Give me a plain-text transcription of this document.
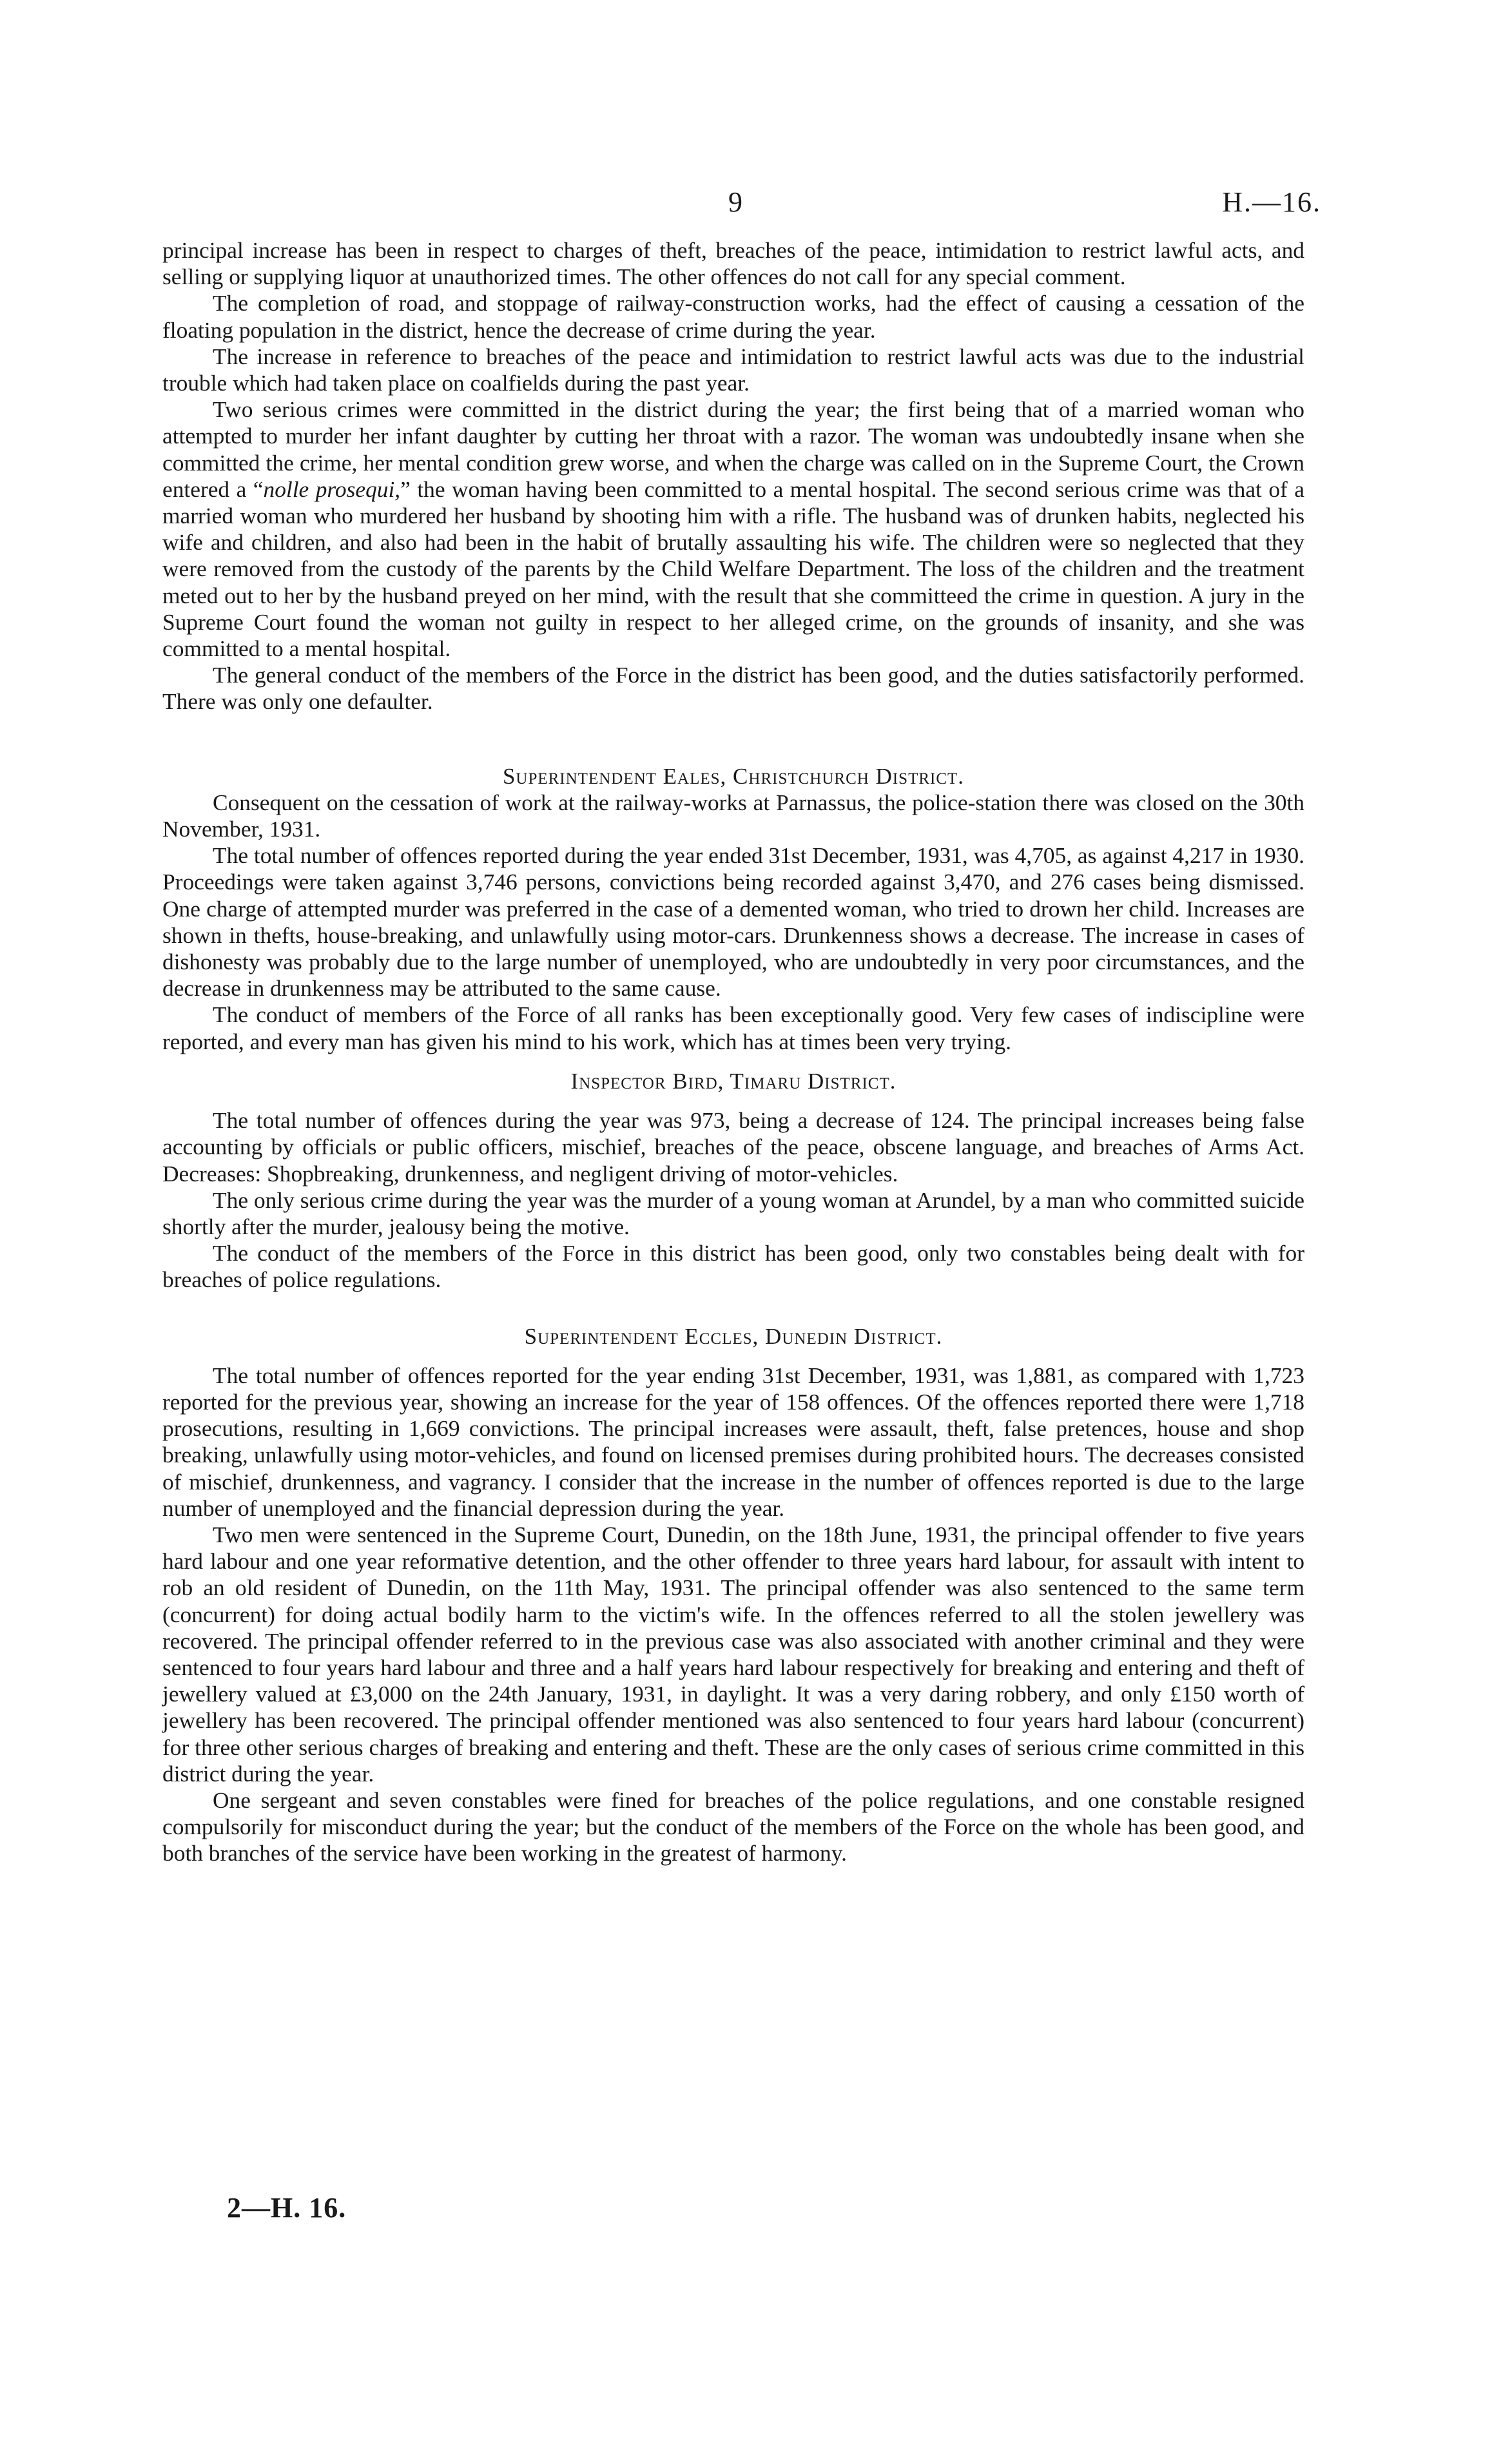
9	H.—16.

principal increase has been in respect to charges of theft, breaches of the peace, intimidation to restrict lawful acts, and selling or supplying liquor at unauthorized times. The other offences do not call for any special comment.

The completion of road, and stoppage of railway-construction works, had the effect of causing a cessation of the floating population in the district, hence the decrease of crime during the year.

The increase in reference to breaches of the peace and intimidation to restrict lawful acts was due to the industrial trouble which had taken place on coalfields during the past year.

Two serious crimes were committed in the district during the year; the first being that of a married woman who attempted to murder her infant daughter by cutting her throat with a razor. The woman was undoubtedly insane when she committed the crime, her mental condition grew worse, and when the charge was called on in the Supreme Court, the Crown entered a “nolle prosequi,” the woman having been committed to a mental hospital. The second serious crime was that of a married woman who murdered her husband by shooting him with a rifle. The husband was of drunken habits, neglected his wife and children, and also had been in the habit of brutally assaulting his wife. The children were so neglected that they were removed from the custody of the parents by the Child Welfare Department. The loss of the children and the treatment meted out to her by the husband preyed on her mind, with the result that she committeed the crime in question. A jury in the Supreme Court found the woman not guilty in respect to her alleged crime, on the grounds of insanity, and she was committed to a mental hospital.

The general conduct of the members of the Force in the district has been good, and the duties satisfactorily performed. There was only one defaulter.

Superintendent Eales, Christchurch District.

Consequent on the cessation of work at the railway-works at Parnassus, the police-station there was closed on the 30th November, 1931.

The total number of offences reported during the year ended 31st December, 1931, was 4,705, as against 4,217 in 1930. Proceedings were taken against 3,746 persons, convictions being recorded against 3,470, and 276 cases being dismissed. One charge of attempted murder was preferred in the case of a demented woman, who tried to drown her child. Increases are shown in thefts, house-breaking, and unlawfully using motor-cars. Drunkenness shows a decrease. The increase in cases of dishonesty was probably due to the large number of unemployed, who are undoubtedly in very poor circumstances, and the decrease in drunkenness may be attributed to the same cause.

The conduct of members of the Force of all ranks has been exceptionally good. Very few cases of indiscipline were reported, and every man has given his mind to his work, which has at times been very trying.

Inspector Bird, Timaru District.

The total number of offences during the year was 973, being a decrease of 124. The principal increases being false accounting by officials or public officers, mischief, breaches of the peace, obscene language, and breaches of Arms Act. Decreases: Shopbreaking, drunkenness, and negligent driving of motor-vehicles.

The only serious crime during the year was the murder of a young woman at Arundel, by a man who committed suicide shortly after the murder, jealousy being the motive.

The conduct of the members of the Force in this district has been good, only two constables being dealt with for breaches of police regulations.

Superintendent Eccles, Dunedin District.

The total number of offences reported for the year ending 31st December, 1931, was 1,881, as compared with 1,723 reported for the previous year, showing an increase for the year of 158 offences. Of the offences reported there were 1,718 prosecutions, resulting in 1,669 convictions. The principal increases were assault, theft, false pretences, house and shop breaking, unlawfully using motor-vehicles, and found on licensed premises during prohibited hours. The decreases consisted of mischief, drunkenness, and vagrancy. I consider that the increase in the number of offences reported is due to the large number of unemployed and the financial depression during the year.

Two men were sentenced in the Supreme Court, Dunedin, on the 18th June, 1931, the principal offender to five years hard labour and one year reformative detention, and the other offender to three years hard labour, for assault with intent to rob an old resident of Dunedin, on the 11th May, 1931. The principal offender was also sentenced to the same term (concurrent) for doing actual bodily harm to the victim's wife. In the offences referred to all the stolen jewellery was recovered. The principal offender referred to in the previous case was also associated with another criminal and they were sentenced to four years hard labour and three and a half years hard labour respectively for breaking and entering and theft of jewellery valued at £3,000 on the 24th January, 1931, in daylight. It was a very daring robbery, and only £150 worth of jewellery has been recovered. The principal offender mentioned was also sentenced to four years hard labour (concurrent) for three other serious charges of breaking and entering and theft. These are the only cases of serious crime committed in this district during the year.

One sergeant and seven constables were fined for breaches of the police regulations, and one constable resigned compulsorily for misconduct during the year; but the conduct of the members of the Force on the whole has been good, and both branches of the service have been working in the greatest of harmony.

2—H. 16.
